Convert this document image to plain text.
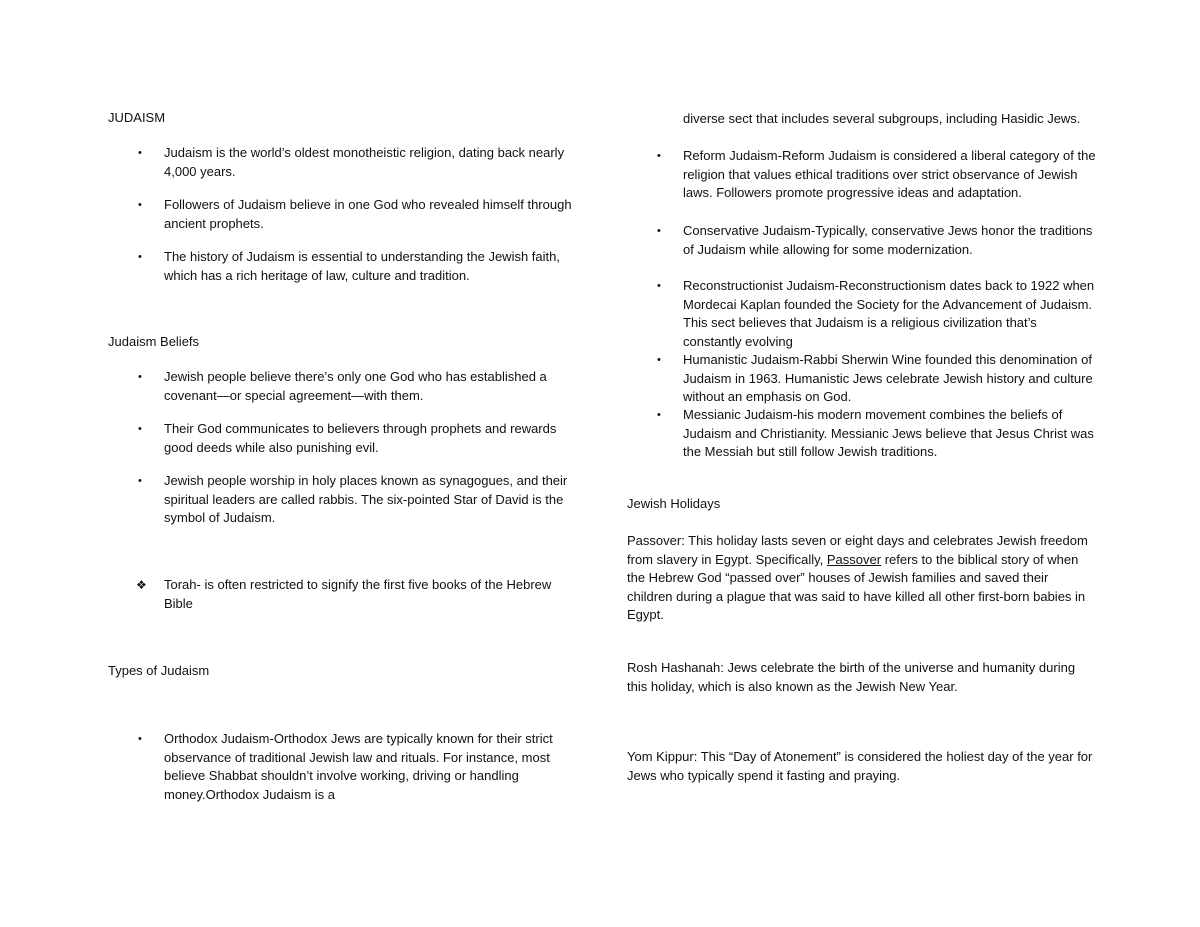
JUDAISM
• Judaism is the world’s oldest monotheistic religion, dating back nearly 4,000 years.
• Followers of Judaism believe in one God who revealed himself through ancient prophets.
• The history of Judaism is essential to understanding the Jewish faith, which has a rich heritage of law, culture and tradition.
Judaism Beliefs
• Jewish people believe there’s only one God who has established a covenant—or special agreement—with them.
• Their God communicates to believers through prophets and rewards good deeds while also punishing evil.
• Jewish people worship in holy places known as synagogues, and their spiritual leaders are called rabbis. The six-pointed Star of David is the symbol of Judaism.
❖ Torah- is often restricted to signify the first five books of the Hebrew Bible
Types of Judaism
• Orthodox Judaism-Orthodox Jews are typically known for their strict observance of traditional Jewish law and rituals. For instance, most believe Shabbat shouldn’t involve working, driving or handling money.Orthodox Judaism is a
diverse sect that includes several subgroups, including Hasidic Jews.
• Reform Judaism-Reform Judaism is considered a liberal category of the religion that values ethical traditions over strict observance of Jewish laws. Followers promote progressive ideas and adaptation.
• Conservative Judaism-Typically, conservative Jews honor the traditions of Judaism while allowing for some modernization.
• Reconstructionist Judaism-Reconstructionism dates back to 1922 when Mordecai Kaplan founded the Society for the Advancement of Judaism. This sect believes that Judaism is a religious civilization that’s constantly evolving
• Humanistic Judaism-Rabbi Sherwin Wine founded this denomination of Judaism in 1963. Humanistic Jews celebrate Jewish history and culture without an emphasis on God.
• Messianic Judaism-his modern movement combines the beliefs of Judaism and Christianity. Messianic Jews believe that Jesus Christ was the Messiah but still follow Jewish traditions.
Jewish Holidays

Passover: This holiday lasts seven or eight days and celebrates Jewish freedom from slavery in Egypt. Specifically, Passover refers to the biblical story of when the Hebrew God “passed over” houses of Jewish families and saved their children during a plague that was said to have killed all other first-born babies in Egypt.

Rosh Hashanah: Jews celebrate the birth of the universe and humanity during this holiday, which is also known as the Jewish New Year.

Yom Kippur: This “Day of Atonement” is considered the holiest day of the year for Jews who typically spend it fasting and praying.
